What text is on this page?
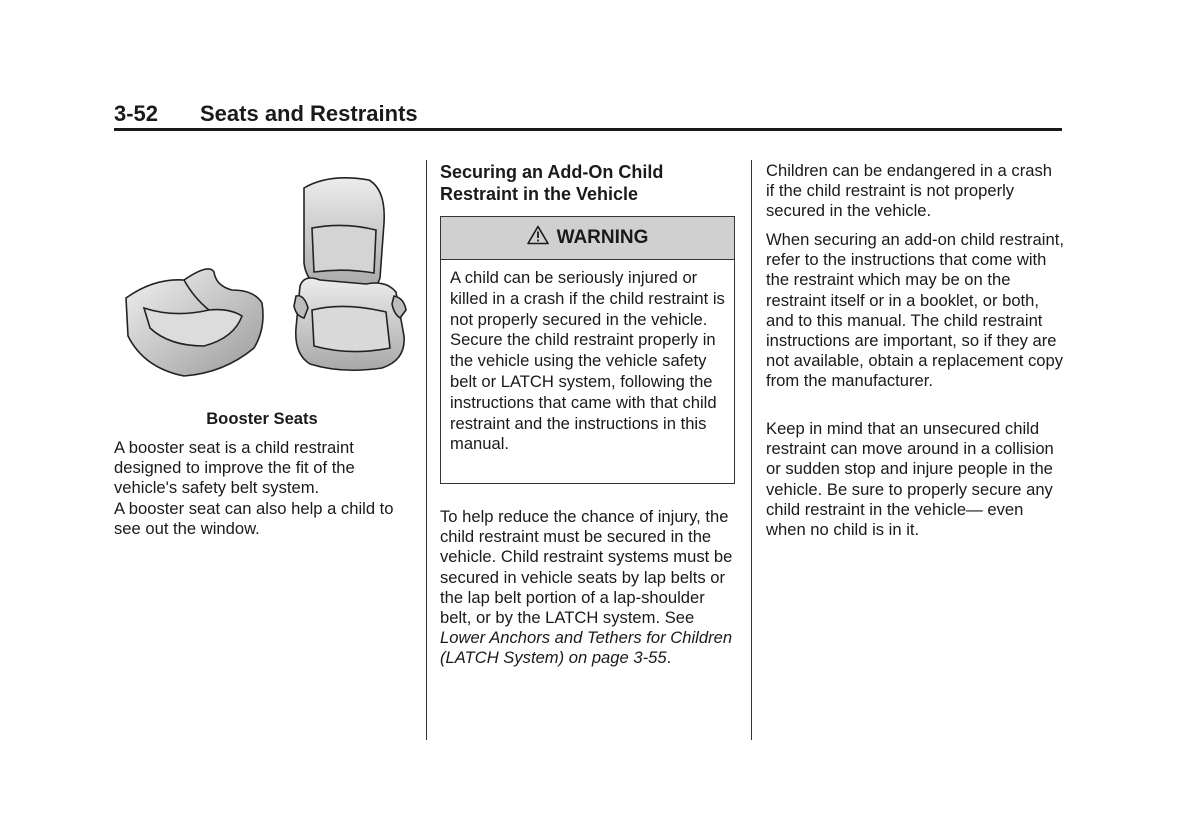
3-52 Seats and Restraints
Booster Seats

A booster seat is a child restraint designed to improve the fit of the vehicle's safety belt system.

A booster seat can also help a child to see out the window.

Securing an Add-On Child Restraint in the Vehicle
WARNING

A child can be seriously injured or killed in a crash if the child restraint is not properly secured in the vehicle. Secure the child restraint properly in the vehicle using the vehicle safety belt or LATCH system, following the instructions that came with that child restraint and the instructions in this manual.

To help reduce the chance of injury, the child restraint must be secured in the vehicle. Child restraint systems must be secured in vehicle seats by lap belts or the lap belt portion of a lap-shoulder belt, or by the LATCH system. See Lower Anchors and Tethers for Children (LATCH System) on page 3-55.

Children can be endangered in a crash if the child restraint is not properly secured in the vehicle.

When securing an add-on child restraint, refer to the instructions that come with the restraint which may be on the restraint itself or in a booklet, or both, and to this manual. The child restraint instructions are important, so if they are not available, obtain a replacement copy from the manufacturer.

Keep in mind that an unsecured child restraint can move around in a collision or sudden stop and injure people in the vehicle. Be sure to properly secure any child restraint in the vehicle— even when no child is in it.
